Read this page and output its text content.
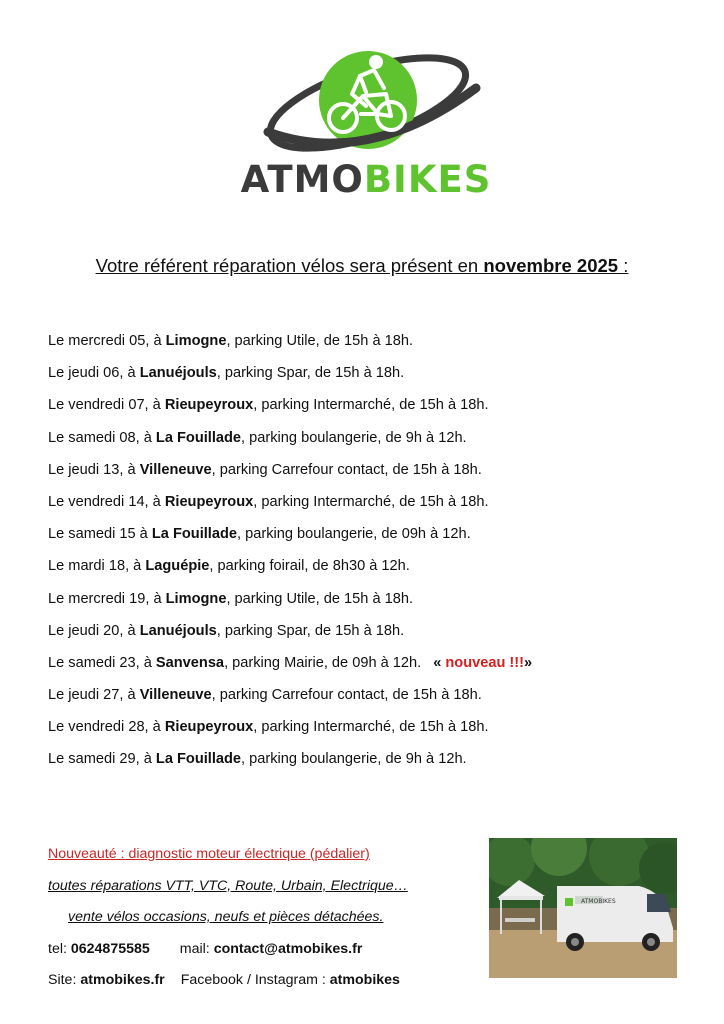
ATMOBIKES
Votre référent réparation vélos sera présent en novembre 2025 :
Le mercredi 05, à Limogne, parking Utile, de 15h à 18h.
Le jeudi 06, à Lanuéjouls, parking Spar, de 15h à 18h.
Le vendredi 07, à Rieupeyroux, parking Intermarché, de 15h à 18h.
Le samedi 08, à La Fouillade, parking boulangerie, de 9h à 12h.
Le jeudi 13, à Villeneuve, parking Carrefour contact, de 15h à 18h.
Le vendredi 14, à Rieupeyroux, parking Intermarché, de 15h à 18h.
Le samedi 15 à La Fouillade, parking boulangerie, de 09h à 12h.
Le mardi 18, à Laguépie, parking foirail, de 8h30 à 12h.
Le mercredi 19, à Limogne, parking Utile, de 15h à 18h.
Le jeudi 20, à Lanuéjouls, parking Spar, de 15h à 18h.
Le samedi 23, à Sanvensa, parking Mairie, de 09h à 12h. « nouveau !!!»
Le jeudi 27, à Villeneuve, parking Carrefour contact, de 15h à 18h.
Le vendredi 28, à Rieupeyroux, parking Intermarché, de 15h à 18h.
Le samedi 29, à La Fouillade, parking boulangerie, de 9h à 12h.
Nouveauté : diagnostic moteur électrique (pédalier)
toutes réparations VTT, VTC, Route, Urbain, Electrique…
vente vélos occasions, neufs et pièces détachées.
tel: 0624875585 mail: contact@atmobikes.fr
Site: atmobikes.fr Facebook / Instagram : atmobikes
ATMOBIKES
